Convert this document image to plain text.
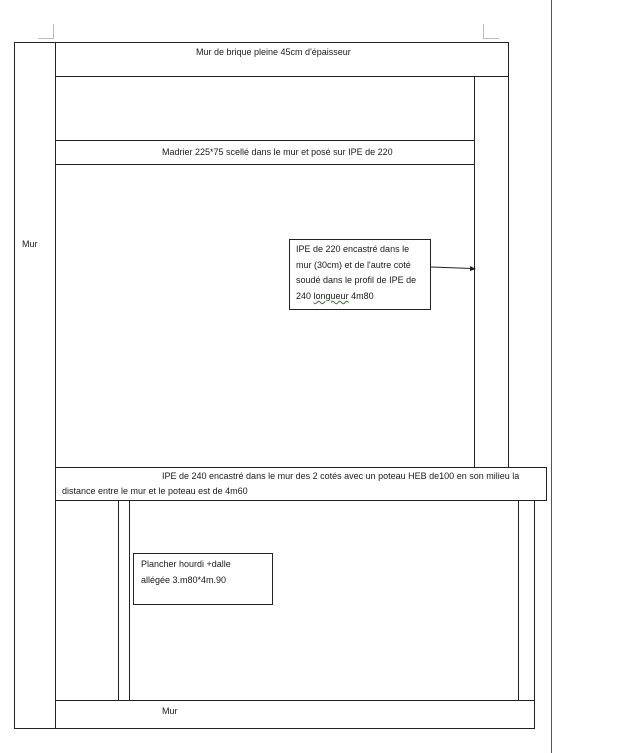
Mur
Mur de brique pleine 45cm d'épaisseur
Madrier 225*75 scellé dans le mur et posé sur IPE de 220
IPE de 220 encastré dans le
mur (30cm) et de l'autre coté
soudé dans le profil de IPE de
240 longueur 4m80
IPE de 240 encastré dans le mur des 2 cotés avec un poteau HEB de100 en son milieu la
distance entre le mur et le poteau est de 4m60
Plancher hourdi +dalle
allégée 3.m80*4m.90
Mur
